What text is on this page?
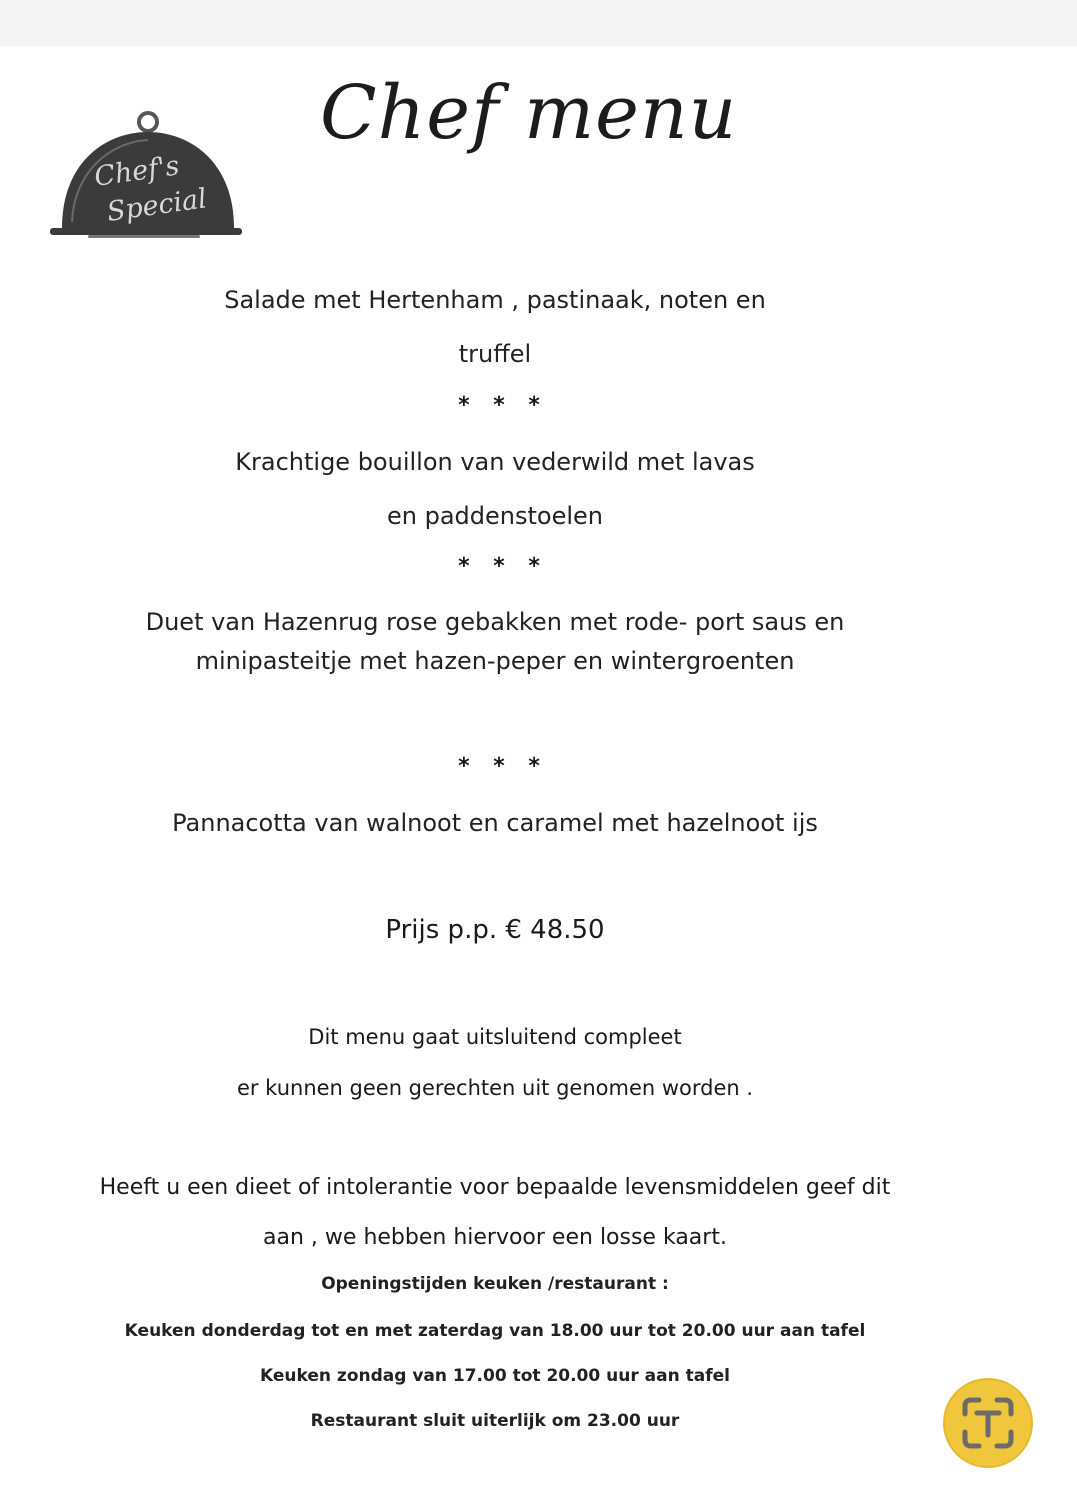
Chef's
Special
Chef menu
Salade met Hertenham , pastinaak, noten en
truffel
* * *
Krachtige bouillon van vederwild met lavas
en paddenstoelen
* * *
Duet van Hazenrug rose gebakken met rode- port saus en
minipasteitje met hazen-peper en wintergroenten
* * *
Pannacotta van walnoot en caramel met hazelnoot ijs
Prijs p.p. € 48.50
Dit menu gaat uitsluitend compleet
er kunnen geen gerechten uit genomen worden .
Heeft u een dieet of intolerantie voor bepaalde levensmiddelen geef dit
aan , we hebben hiervoor een losse kaart.
Openingstijden keuken /restaurant :
Keuken donderdag tot en met zaterdag van 18.00 uur tot 20.00 uur aan tafel
Keuken zondag van 17.00 tot 20.00 uur aan tafel
Restaurant sluit uiterlijk om 23.00 uur
